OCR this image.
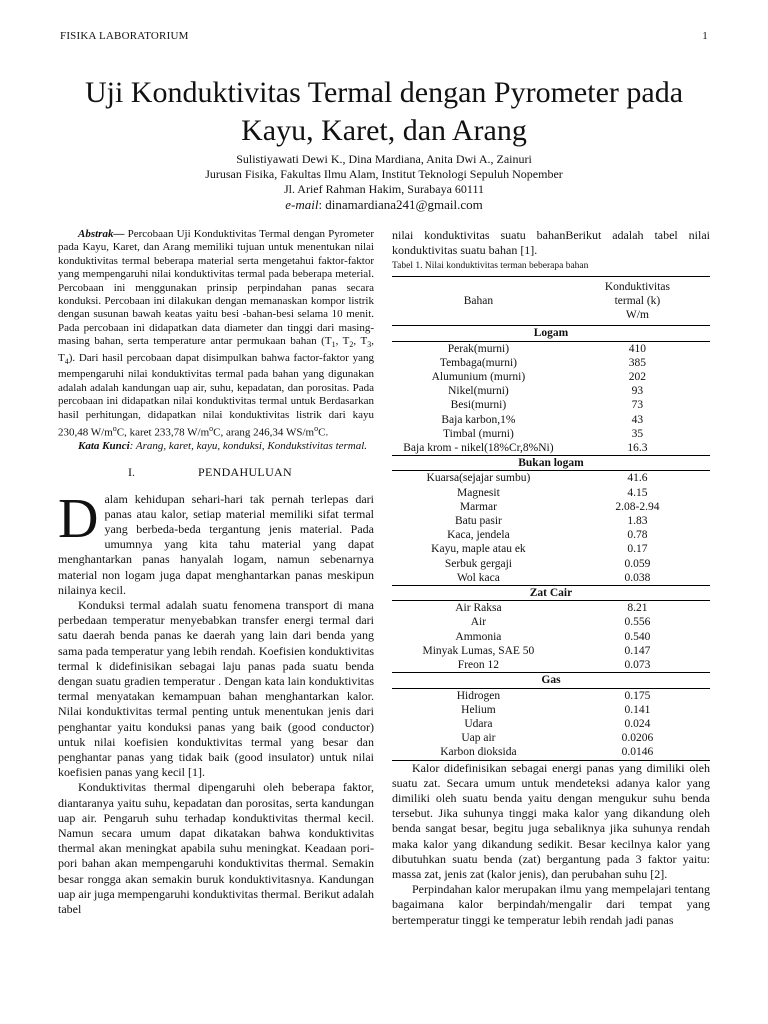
FISIKA LABORATORIUM	1
Uji Konduktivitas Termal dengan Pyrometer pada
Kayu, Karet, dan Arang
Sulistiyawati Dewi K., Dina Mardiana, Anita Dwi A., Zainuri
Jurusan Fisika, Fakultas Ilmu Alam, Institut Teknologi Sepuluh Nopember
Jl. Arief Rahman Hakim, Surabaya 60111
e-mail: dinamardiana241@gmail.com

Abstrak— Percobaan Uji Konduktivitas Termal dengan Pyrometer pada Kayu, Karet, dan Arang memiliki tujuan untuk menentukan nilai konduktivitas termal beberapa material serta mengetahui faktor-faktor yang mempengaruhi nilai konduktivitas termal pada beberapa meterial. Percobaan ini menggunakan prinsip perpindahan panas secara konduksi. Percobaan ini dilakukan dengan memanaskan kompor listrik dengan susunan bawah keatas yaitu besi -bahan-besi selama 10 menit. Pada percobaan ini didapatkan data diameter dan tinggi dari masing-masing bahan, serta temperature antar permukaan bahan ($T_1$, $T_2$, $T_3$, $T_4$). Dari hasil percobaan dapat disimpulkan bahwa factor-faktor yang mempengaruhi nilai konduktivitas termal pada bahan yang digunakan adalah adalah kandungan uap air, suhu, kepadatan, dan porositas. Pada percobaan ini didapatkan nilai konduktivitas termal untuk Berdasarkan hasil perhitungan, didapatkan nilai konduktivitas listrik dari kayu 230,48 $W/m^oC$, karet 233,78 $W/m^oC$, arang 246,34 $WS/m^oC$.

Kata Kunci: Arang, karet, kayu, konduksi, Kondukstivitas termal.

I.	PENDAHULUAN

Dalam kehidupan sehari-hari tak pernah terlepas dari panas atau kalor, setiap material memiliki sifat termal yang berbeda-beda tergantung jenis material. Pada umumnya yang kita tahu material yang dapat menghantarkan panas hanyalah logam, namun sebenarnya material non logam juga dapat menghantarkan panas meskipun nilainya kecil.

Konduksi termal adalah suatu fenomena transport di mana perbedaan temperatur menyebabkan transfer energi termal dari satu daerah benda panas ke daerah yang lain dari benda yang sama pada temperatur yang lebih rendah. Koefisien konduktivitas termal k didefinisikan sebagai laju panas pada suatu benda dengan suatu gradien temperatur . Dengan kata lain konduktivitas termal menyatakan kemampuan bahan menghantarkan kalor. Nilai konduktivitas termal penting untuk menentukan jenis dari penghantar yaitu konduksi panas yang baik (good conductor) untuk nilai koefisien konduktivitas termal yang besar dan penghantar panas yang tidak baik (good insulator) untuk nilai koefisien panas yang kecil [1].

Konduktivitas thermal dipengaruhi oleh beberapa faktor, diantaranya yaitu suhu, kepadatan dan porositas, serta kandungan uap air. Pengaruh suhu terhadap konduktivitas thermal kecil. Namun secara umum dapat dikatakan bahwa konduktivitas thermal akan meningkat apabila suhu meningkat. Keadaan pori-pori bahan akan mempengaruhi konduktivitas thermal. Semakin besar rongga akan semakin buruk konduktivitasnya. Kandungan uap air juga mempengaruhi konduktivitas thermal. Berikut adalah tabel

nilai konduktivitas suatu bahanBerikut adalah tabel nilai konduktivitas suatu bahan [1].

Tabel 1. Nilai konduktivitas terman beberapa bahan

Bahan	Konduktivitas termal (k) W/m
Logam	
Perak(murni)	410
Tembaga(murni)	385
Alumunium (murni)	202
Nikel(murni)	93
Besi(murni)	73
Baja karbon,1%	43
Timbal (murni)	35
Baja krom - nikel(18%Cr,8%Ni)	16.3
Bukan logam	
Kuarsa(sejajar sumbu)	41.6
Magnesit	4.15
Marmar	2.08-2.94
Batu pasir	1.83
Kaca, jendela	0.78
Kayu, maple atau ek	0.17
Serbuk gergaji	0.059
Wol kaca	0.038
Zat Cair	
Air Raksa	8.21
Air	0.556
Ammonia	0.540
Minyak Lumas, SAE 50	0.147
Freon 12	0.073
Gas	
Hidrogen	0.175
Helium	0.141
Udara	0.024
Uap air	0.0206
Karbon dioksida	0.0146

Kalor didefinisikan sebagai energi panas yang dimiliki oleh suatu zat. Secara umum untuk mendeteksi adanya kalor yang dimiliki oleh suatu benda yaitu dengan mengukur suhu benda tersebut. Jika suhunya tinggi maka kalor yang dikandung oleh benda sangat besar, begitu juga sebaliknya jika suhunya rendah maka kalor yang dikandung sedikit. Besar kecilnya kalor yang dibutuhkan suatu benda (zat) bergantung pada 3 faktor yaitu: massa zat, jenis zat (kalor jenis), dan perubahan suhu [2].

Perpindahan kalor merupakan ilmu yang mempelajari tentang bagaimana kalor berpindah/mengalir dari tempat yang bertemperatur tinggi ke temperatur lebih rendah jadi panas
